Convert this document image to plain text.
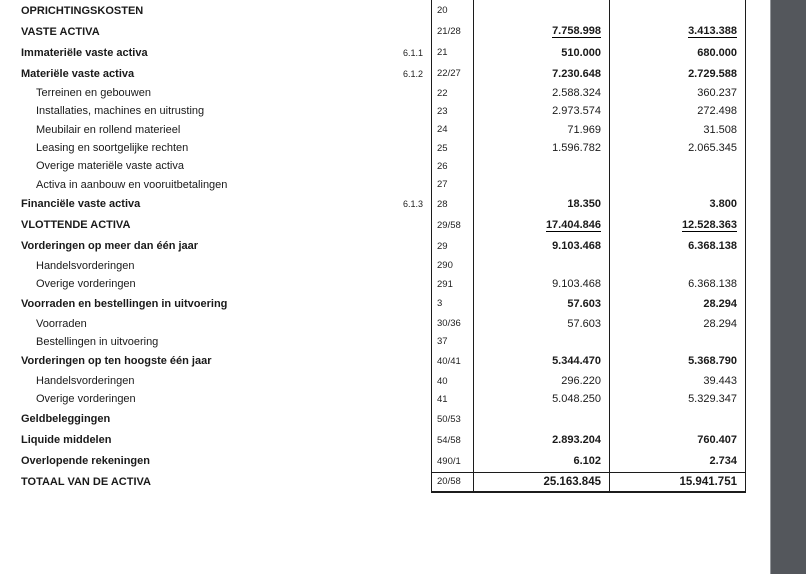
OPRICHTINGSKOSTEN	20
VASTE ACTIVA	21/28	7.758.998	3.413.388
Immateriële vaste activa	6.1.1	21	510.000	680.000
Materiële vaste activa	6.1.2	22/27	7.230.648	2.729.588
Terreinen en gebouwen	22	2.588.324	360.237
Installaties, machines en uitrusting	23	2.973.574	272.498
Meubilair en rollend materieel	24	71.969	31.508
Leasing en soortgelijke rechten	25	1.596.782	2.065.345
Overige materiële vaste activa	26
Activa in aanbouw en vooruitbetalingen	27
Financiële vaste activa	6.1.3	28	18.350	3.800
VLOTTENDE ACTIVA	29/58	17.404.846	12.528.363
Vorderingen op meer dan één jaar	29	9.103.468	6.368.138
Handelsvorderingen	290
Overige vorderingen	291	9.103.468	6.368.138
Voorraden en bestellingen in uitvoering	3	57.603	28.294
Voorraden	30/36	57.603	28.294
Bestellingen in uitvoering	37
Vorderingen op ten hoogste één jaar	40/41	5.344.470	5.368.790
Handelsvorderingen	40	296.220	39.443
Overige vorderingen	41	5.048.250	5.329.347
Geldbeleggingen	50/53
Liquide middelen	54/58	2.893.204	760.407
Overlopende rekeningen	490/1	6.102	2.734
TOTAAL VAN DE ACTIVA	20/58	25.163.845	15.941.751
